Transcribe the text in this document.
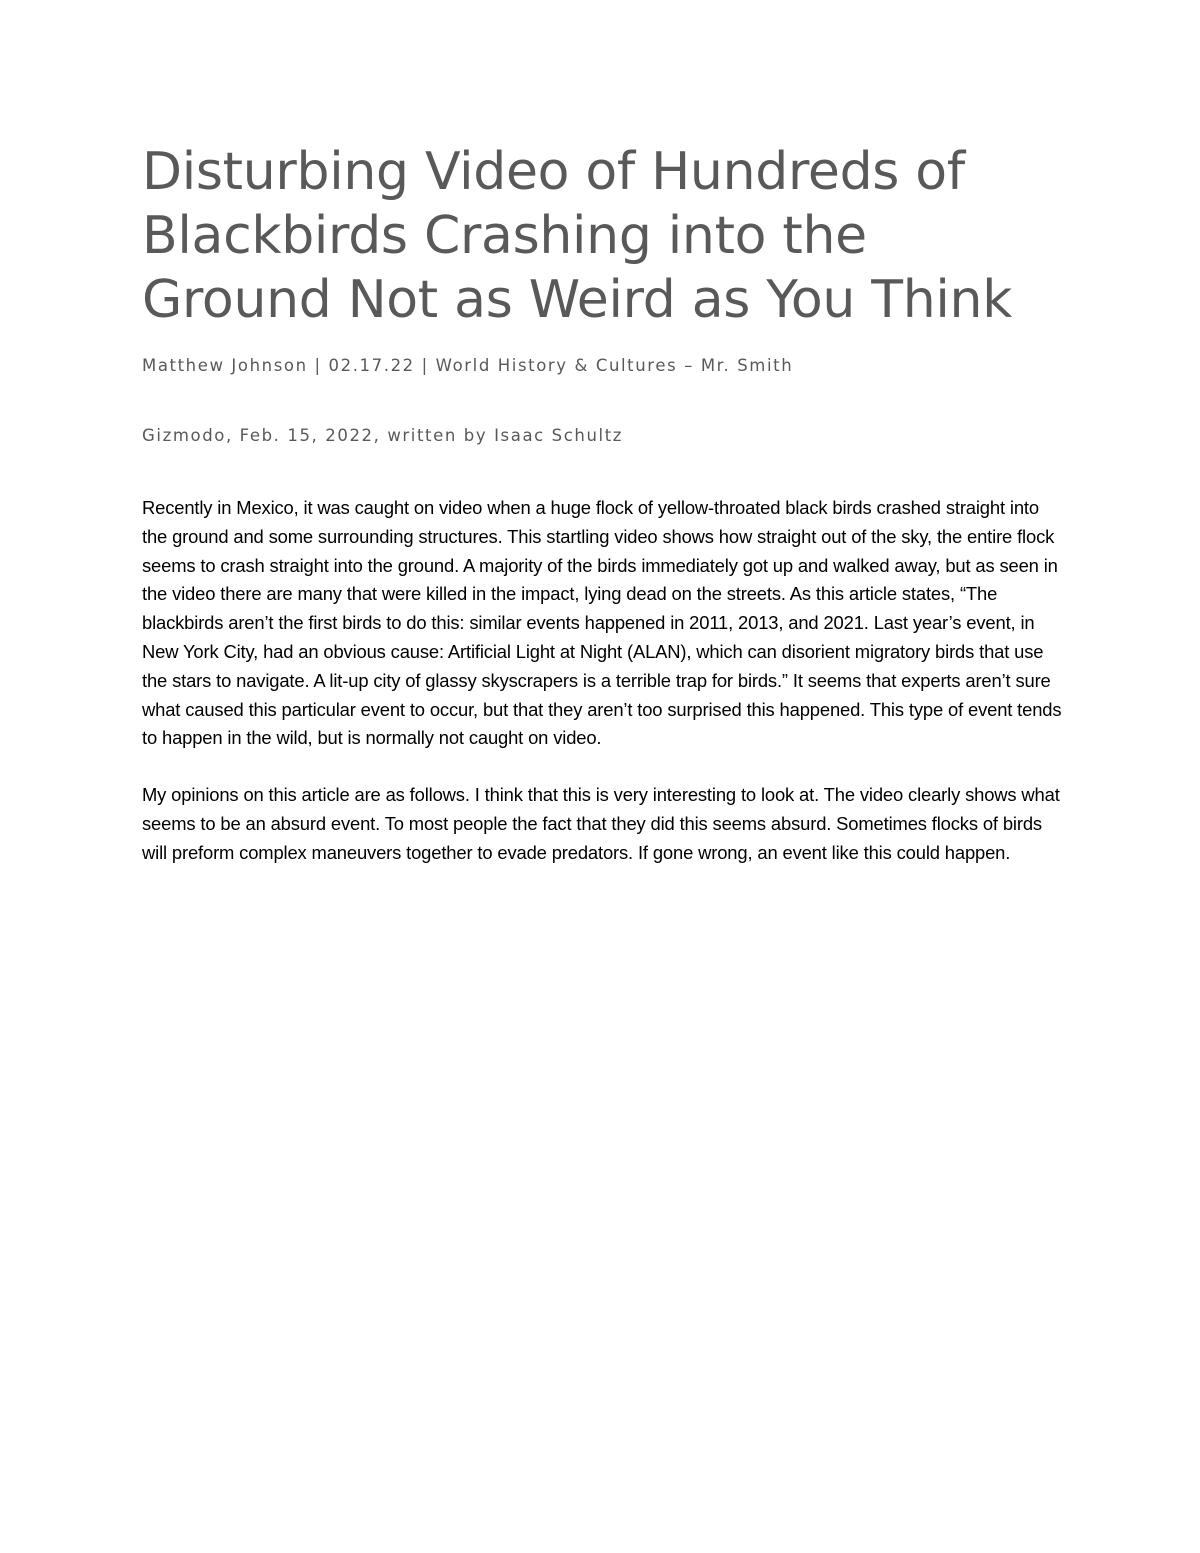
Disturbing Video of Hundreds of Blackbirds Crashing into the Ground Not as Weird as You Think

Matthew Johnson | 02.17.22 | World History & Cultures – Mr. Smith

Gizmodo, Feb. 15, 2022, written by Isaac Schultz

Recently in Mexico, it was caught on video when a huge flock of yellow-throated black birds crashed straight into the ground and some surrounding structures. This startling video shows how straight out of the sky, the entire flock seems to crash straight into the ground. A majority of the birds immediately got up and walked away, but as seen in the video there are many that were killed in the impact, lying dead on the streets. As this article states, “The blackbirds aren’t the first birds to do this: similar events happened in 2011, 2013, and 2021. Last year’s event, in New York City, had an obvious cause: Artificial Light at Night (ALAN), which can disorient migratory birds that use the stars to navigate. A lit-up city of glassy skyscrapers is a terrible trap for birds.” It seems that experts aren’t sure what caused this particular event to occur, but that they aren’t too surprised this happened. This type of event tends to happen in the wild, but is normally not caught on video.

My opinions on this article are as follows. I think that this is very interesting to look at. The video clearly shows what seems to be an absurd event. To most people the fact that they did this seems absurd. Sometimes flocks of birds will preform complex maneuvers together to evade predators. If gone wrong, an event like this could happen.
